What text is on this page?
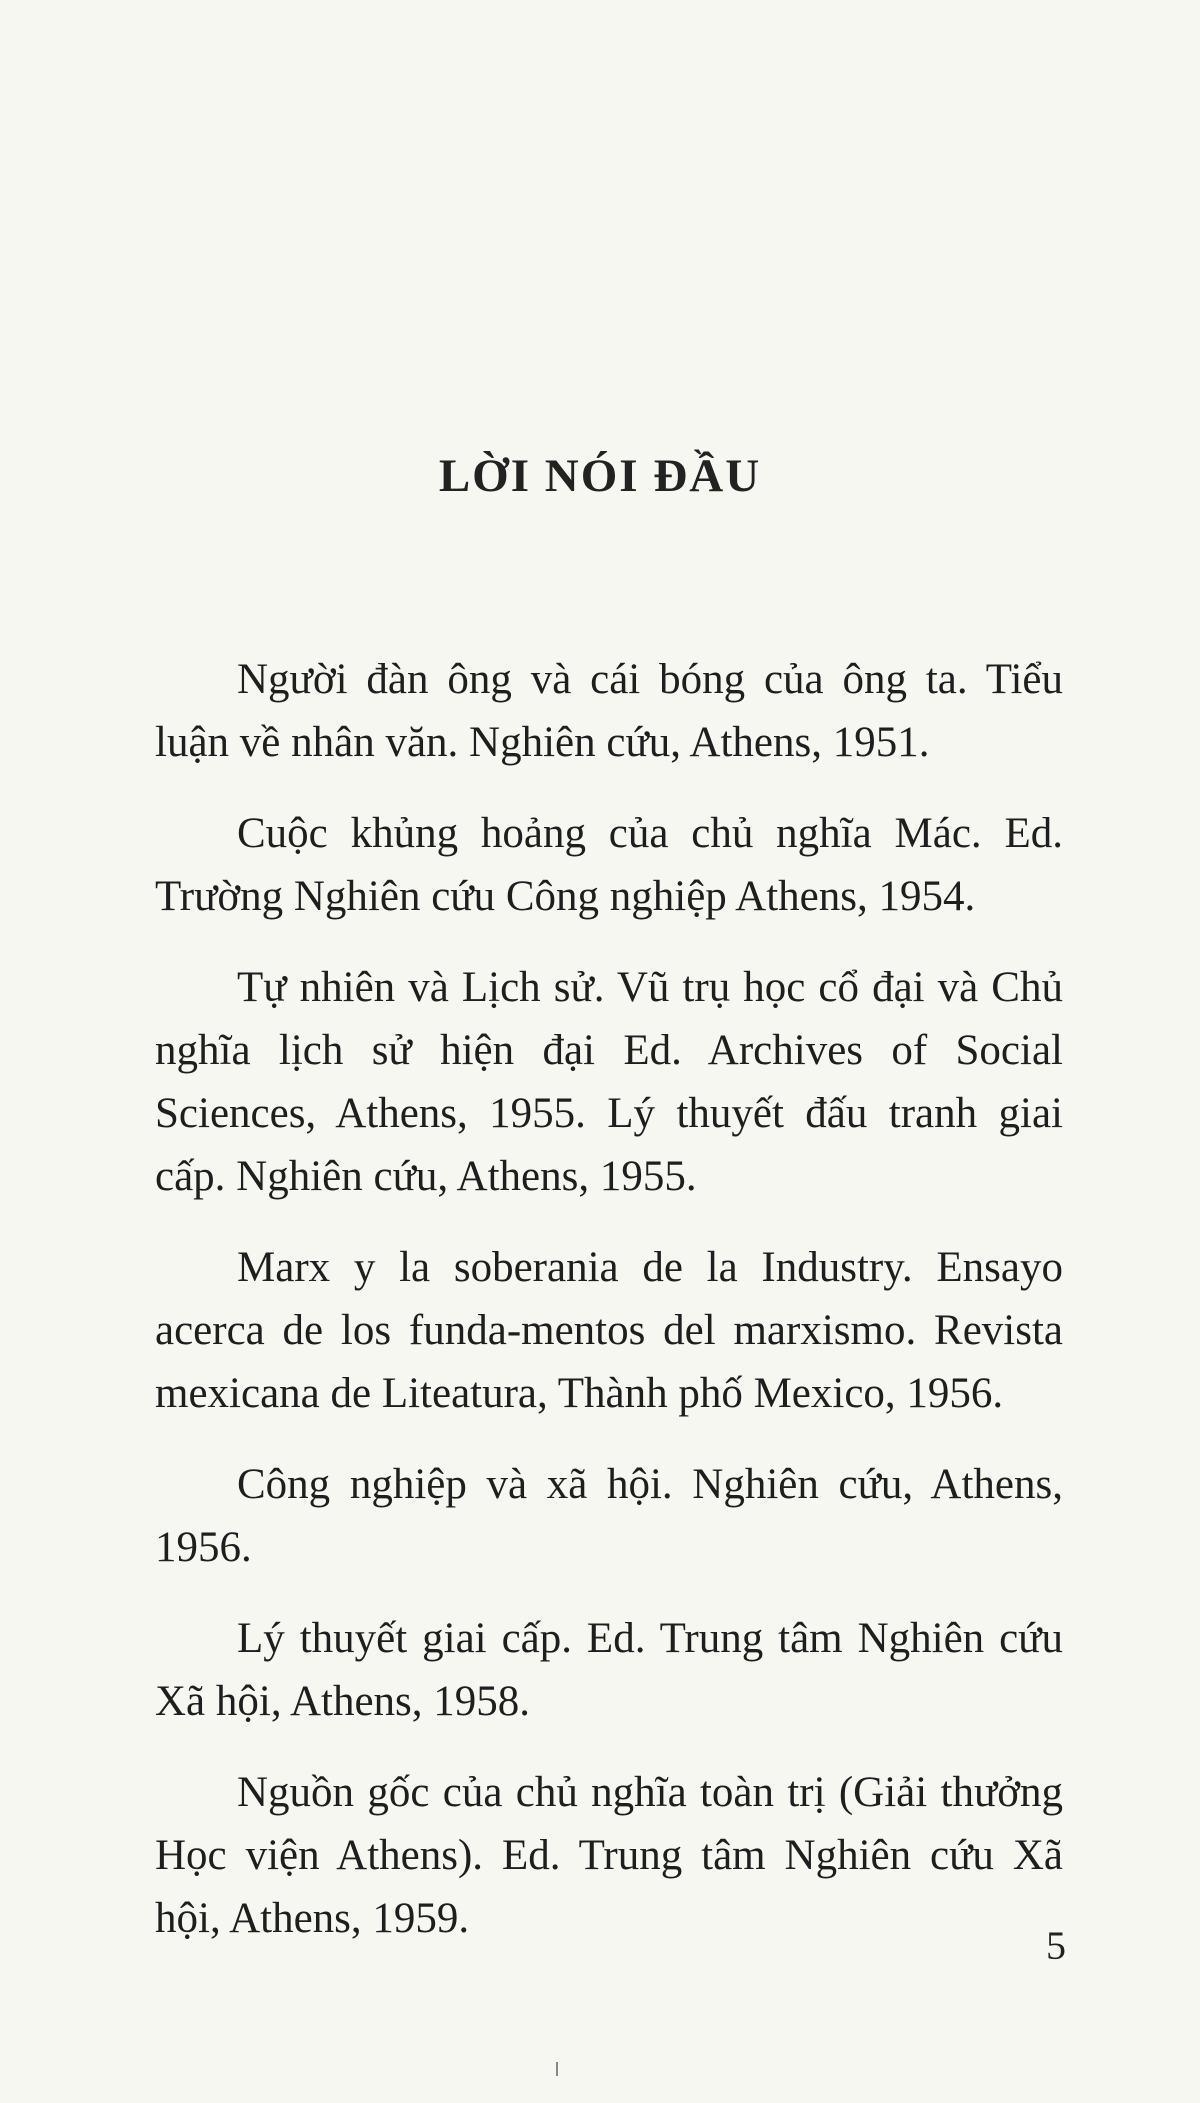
LỜI NÓI ĐẦU

Người đàn ông và cái bóng của ông ta. Tiểu luận về nhân văn. Nghiên cứu, Athens, 1951.

Cuộc khủng hoảng của chủ nghĩa Mác. Ed. Trường Nghiên cứu Công nghiệp Athens, 1954.

Tự nhiên và Lịch sử. Vũ trụ học cổ đại và Chủ nghĩa lịch sử hiện đại Ed. Archives of Social Sciences, Athens, 1955. Lý thuyết đấu tranh giai cấp. Nghiên cứu, Athens, 1955.

Marx y la soberania de la Industry. Ensayo acerca de los funda-mentos del marxismo. Revista mexicana de Liteatura, Thành phố Mexico, 1956.

Công nghiệp và xã hội. Nghiên cứu, Athens, 1956.

Lý thuyết giai cấp. Ed. Trung tâm Nghiên cứu Xã hội, Athens, 1958.

Nguồn gốc của chủ nghĩa toàn trị (Giải thưởng Học viện Athens). Ed. Trung tâm Nghiên cứu Xã hội, Athens, 1959.

5
